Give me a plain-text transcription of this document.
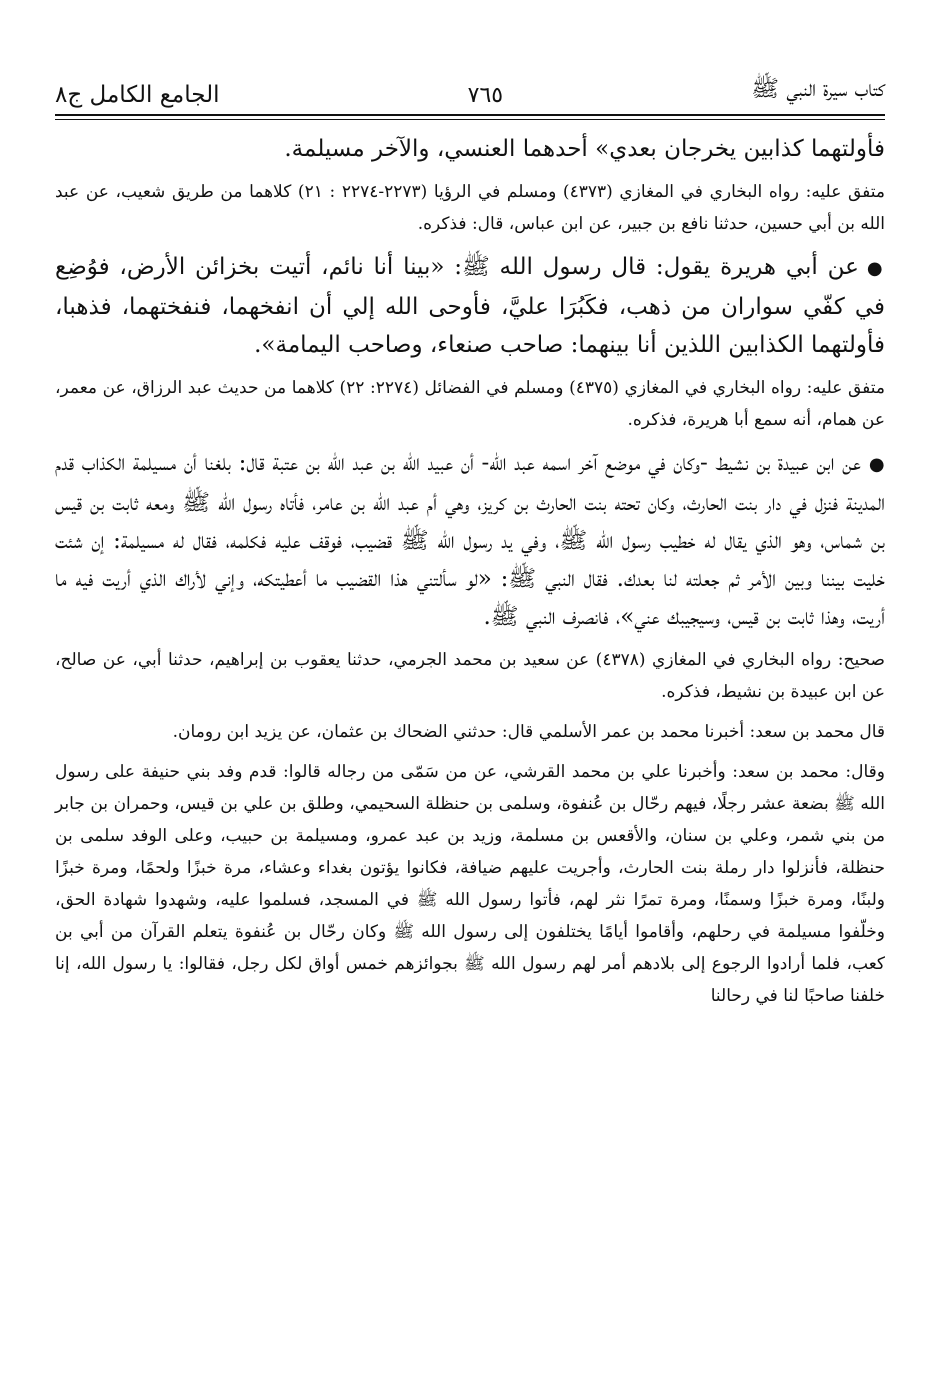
كتاب سيرة النبي ﷺ
٧٦٥
الجامع الكامل ج٨

فأولتهما كذابين يخرجان بعدي» أحدهما العنسي، والآخر مسيلمة.

متفق عليه: رواه البخاري في المغازي (٤٣٧٣) ومسلم في الرؤيا (٢٢٧٣-٢٢٧٤ : ٢١) كلاهما من طريق شعيب، عن عبد الله بن أبي حسين، حدثنا نافع بن جبير، عن ابن عباس، قال: فذكره.

●عن أبي هريرة يقول: قال رسول الله ﷺ: «بينا أنا نائم، أتيت بخزائن الأرض، فوُضِع في كفّي سواران من ذهب، فكَبُرَا عليَّ، فأوحى الله إلي أن انفخهما، فنفختهما، فذهبا، فأولتهما الكذابين اللذين أنا بينهما: صاحب صنعاء، وصاحب اليمامة».

متفق عليه: رواه البخاري في المغازي (٤٣٧٥) ومسلم في الفضائل (٢٢٧٤: ٢٢) كلاهما من حديث عبد الرزاق، عن معمر، عن همام، أنه سمع أبا هريرة، فذكره.

●عن ابن عبيدة بن نشيط -وكان في موضع آخر اسمه عبد الله- أن عبيد الله بن عبد الله بن عتبة قال: بلغنا أن مسيلمة الكذاب قدم المدينة فنزل في دار بنت الحارث، وكان تحته بنت الحارث بن كريز، وهي أم عبد الله بن عامر، فأتاه رسول الله ﷺ ومعه ثابت بن قيس بن شماس، وهو الذي يقال له خطيب رسول الله ﷺ، وفي يد رسول الله ﷺ قضيب، فوقف عليه فكلمه، فقال له مسيلمة: إن شئت خليت بيننا وبين الأمر ثم جعلته لنا بعدك. فقال النبي ﷺ: «لو سألتني هذا القضيب ما أعطيتكه، وإني لأراك الذي أريت فيه ما أريت، وهذا ثابت بن قيس، وسيجيبك عني»، فانصرف النبي ﷺ.

صحيح: رواه البخاري في المغازي (٤٣٧٨) عن سعيد بن محمد الجرمي، حدثنا يعقوب بن إبراهيم، حدثنا أبي، عن صالح، عن ابن عبيدة بن نشيط، فذكره.

قال محمد بن سعد: أخبرنا محمد بن عمر الأسلمي قال: حدثني الضحاك بن عثمان، عن يزيد ابن رومان.

وقال: محمد بن سعد: وأخبرنا علي بن محمد القرشي، عن من سَمّى من رجاله قالوا: قدم وفد بني حنيفة على رسول الله ﷺ بضعة عشر رجلًا، فيهم رحّال بن عُنفوة، وسلمى بن حنظلة السحيمي، وطلق بن علي بن قيس، وحمران بن جابر من بني شمر، وعلي بن سنان، والأقعس بن مسلمة، وزيد بن عبد عمرو، ومسيلمة بن حبيب، وعلى الوفد سلمى بن حنظلة، فأنزلوا دار رملة بنت الحارث، وأجريت عليهم ضيافة، فكانوا يؤتون بغداء وعشاء، مرة خبزًا ولحمًا، ومرة خبزًا ولبنًا، ومرة خبزًا وسمنًا، ومرة تمرًا نثر لهم، فأتوا رسول الله ﷺ في المسجد، فسلموا عليه، وشهدوا شهادة الحق، وخلّفوا مسيلمة في رحلهم، وأقاموا أيامًا يختلفون إلى رسول الله ﷺ وكان رحّال بن عُنفوة يتعلم القرآن من أبي بن كعب، فلما أرادوا الرجوع إلى بلادهم أمر لهم رسول الله ﷺ بجوائزهم خمس أواق لكل رجل، فقالوا: يا رسول الله، إنا خلفنا صاحبًا لنا في رحالنا
